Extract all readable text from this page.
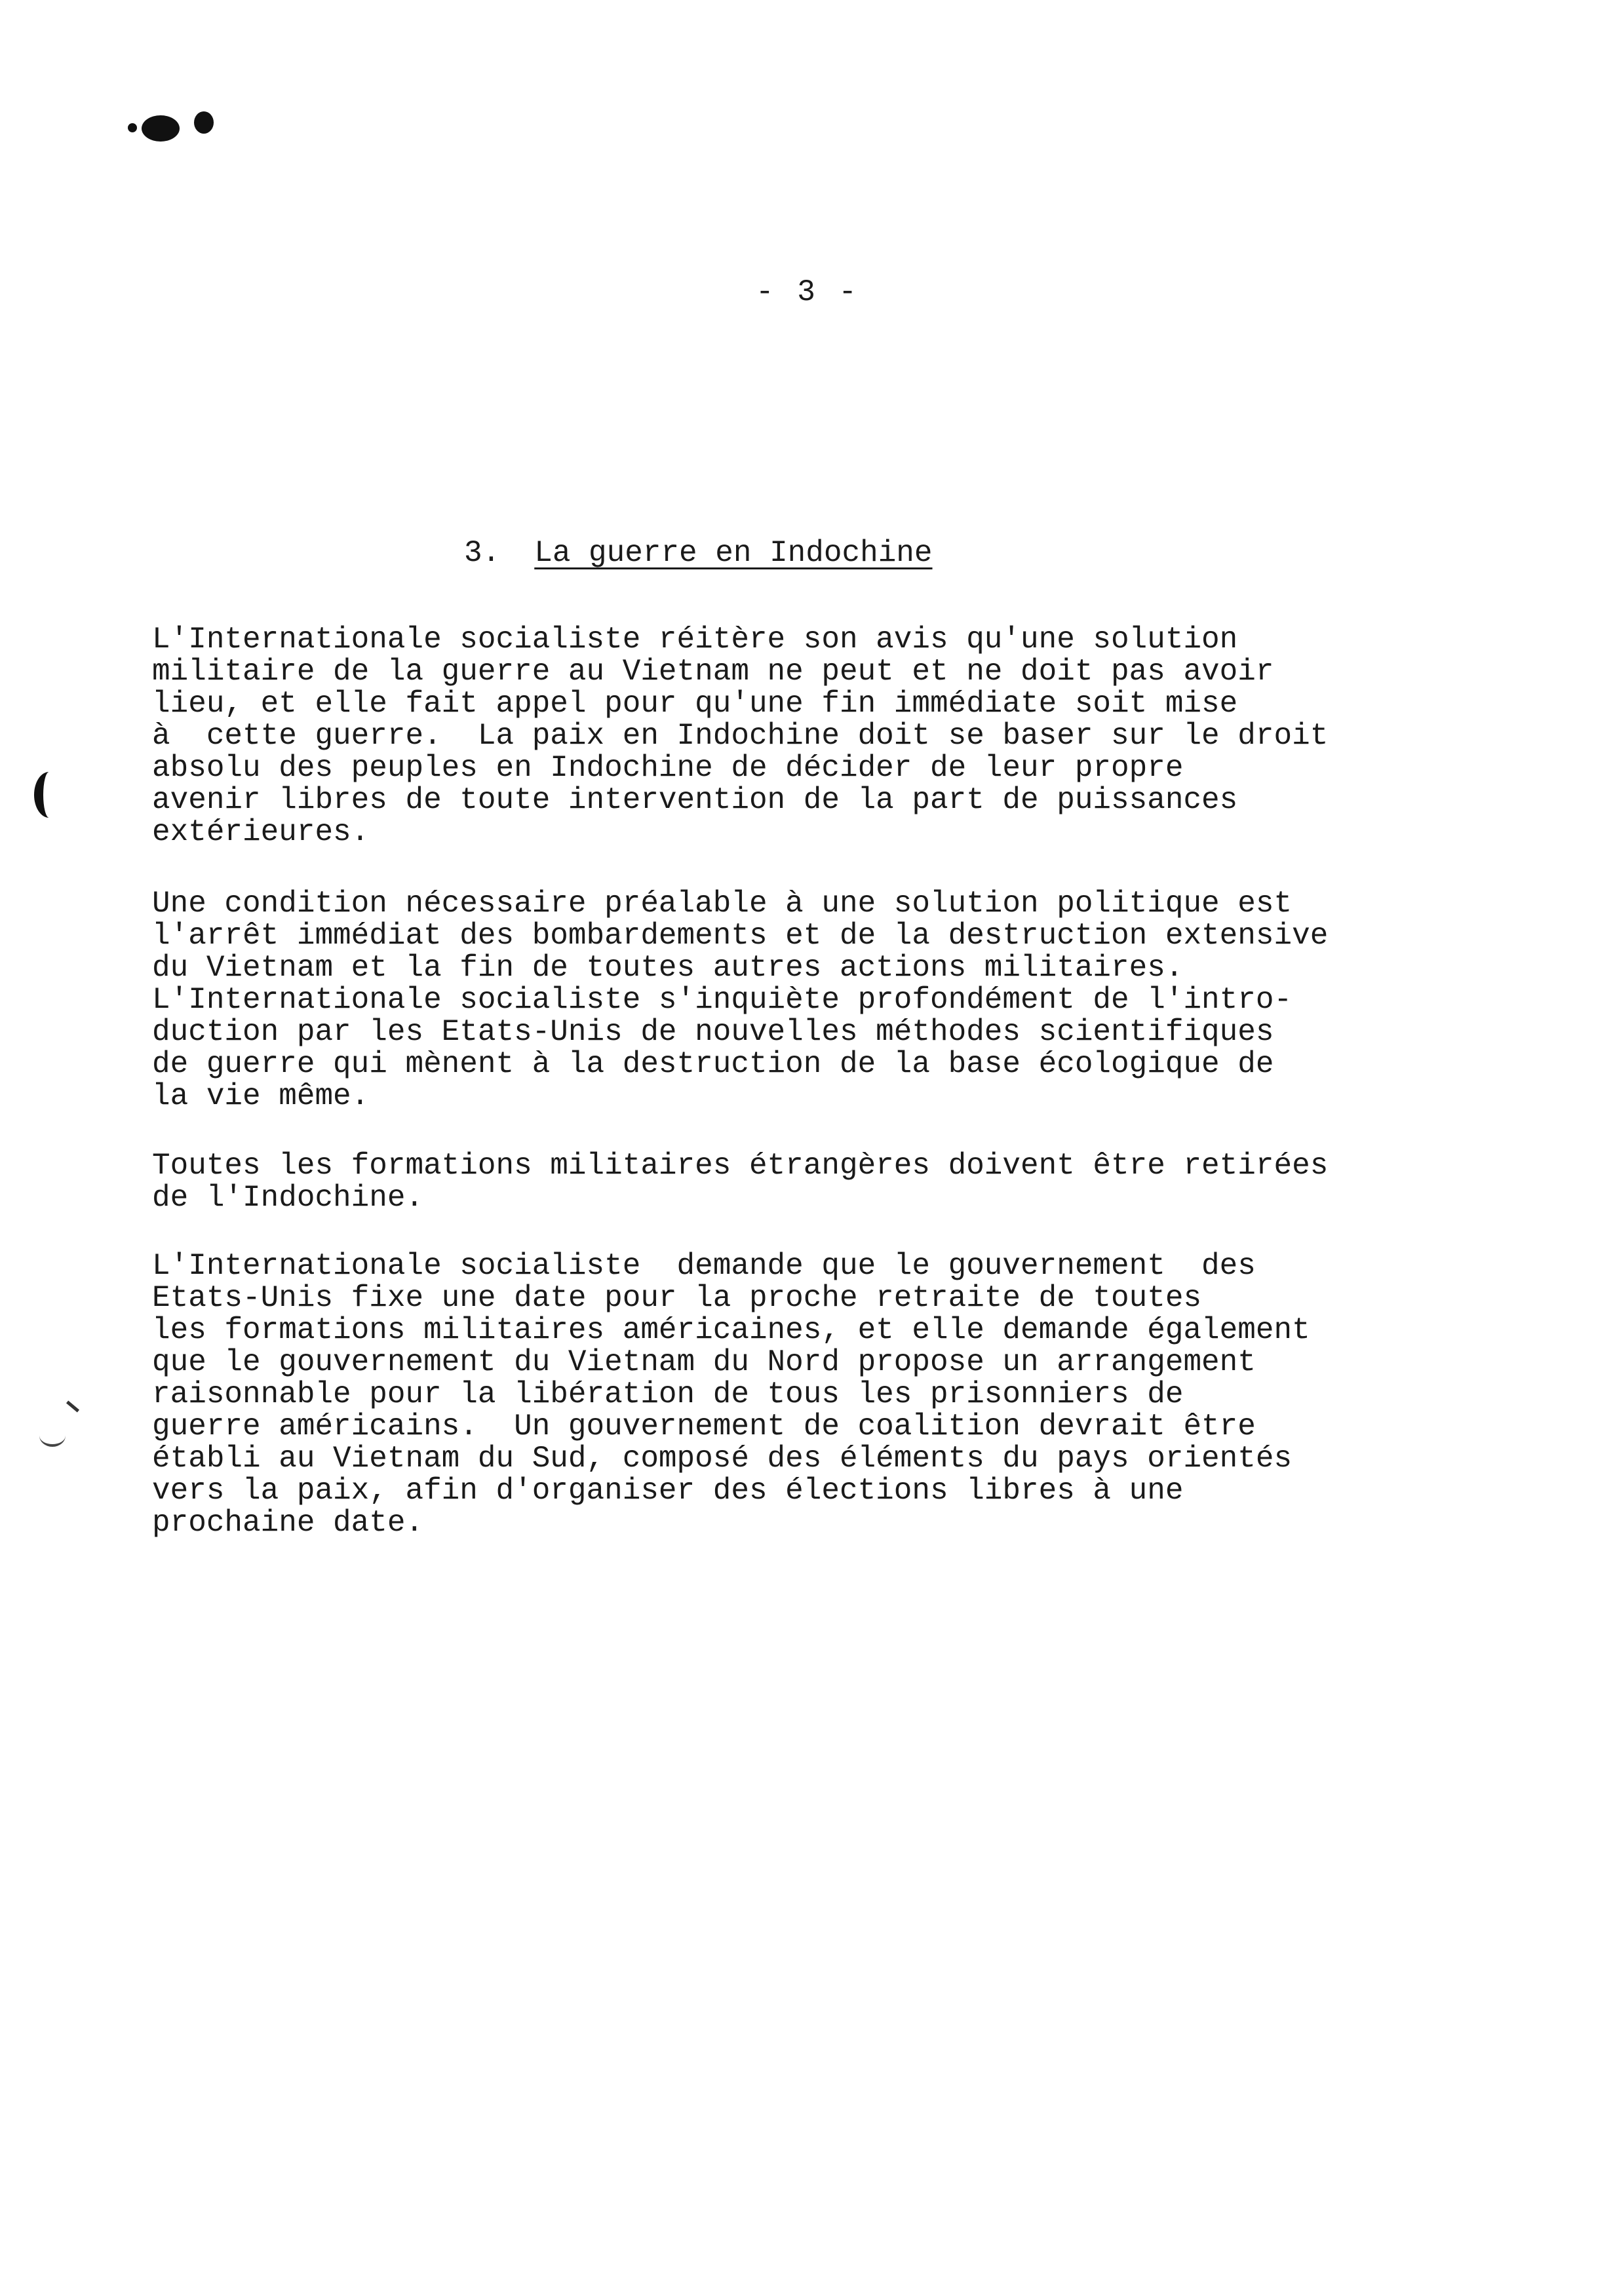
- 3 -
3. La guerre en Indochine

L'Internationale socialiste réitère son avis qu'une solution
militaire de la guerre au Vietnam ne peut et ne doit pas avoir
lieu, et elle fait appel pour qu'une fin immédiate soit mise
à  cette guerre.  La paix en Indochine doit se baser sur le droit
absolu des peuples en Indochine de décider de leur propre
avenir libres de toute intervention de la part de puissances
extérieures.

Une condition nécessaire préalable à une solution politique est
l'arrêt immédiat des bombardements et de la destruction extensive
du Vietnam et la fin de toutes autres actions militaires.
L'Internationale socialiste s'inquiète profondément de l'intro-
duction par les Etats-Unis de nouvelles méthodes scientifiques
de guerre qui mènent à la destruction de la base écologique de
la vie même.

Toutes les formations militaires étrangères doivent être retirées
de l'Indochine.

L'Internationale socialiste  demande que le gouvernement  des
Etats-Unis fixe une date pour la proche retraite de toutes
les formations militaires américaines, et elle demande également
que le gouvernement du Vietnam du Nord propose un arrangement
raisonnable pour la libération de tous les prisonniers de
guerre américains.  Un gouvernement de coalition devrait être
établi au Vietnam du Sud, composé des éléments du pays orientés
vers la paix, afin d'organiser des élections libres à une
prochaine date.
